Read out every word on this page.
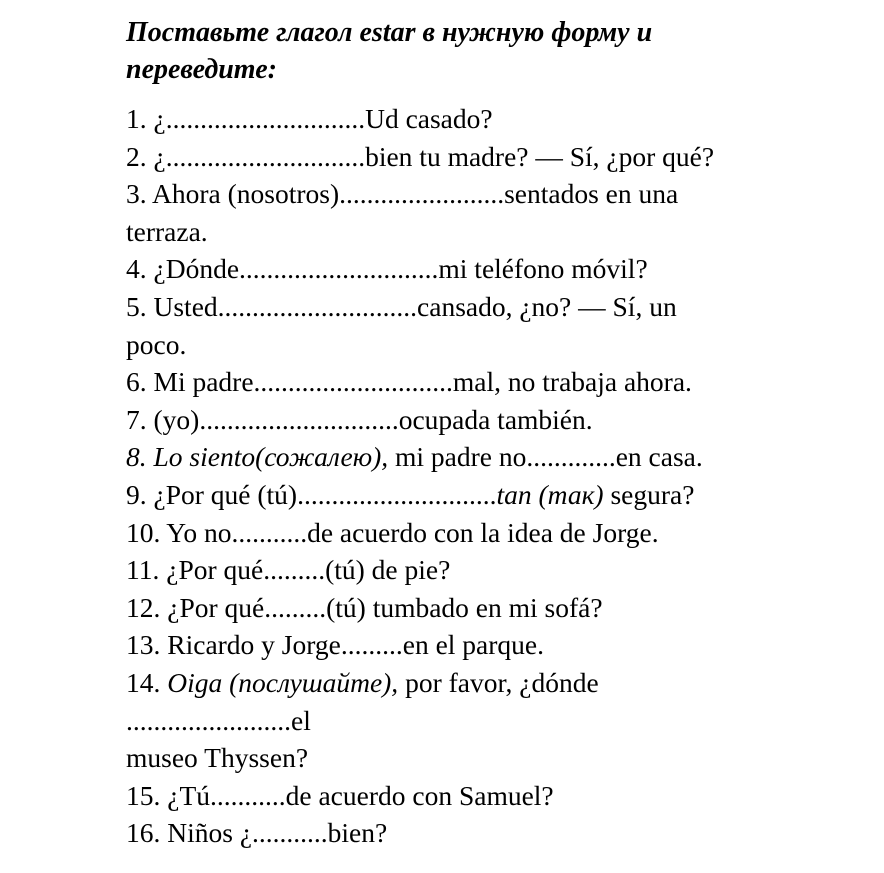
Поставьте глагол estar в нужную форму и
переведите:

1. ¿.............................Ud casado?

2. ¿.............................bien tu madre? — Sí, ¿por qué?

3. Ahora (nosotros)........................sentados en una

terraza.

4. ¿Dónde.............................mi teléfono móvil?

5. Usted.............................cansado, ¿no? — Sí, un

poco.

6. Mi padre.............................mal, no trabaja ahora.

7. (yo).............................ocupada también.

8. Lo siento(сожалею), mi padre no.............en casa.

9. ¿Por qué (tú).............................tan (так) segura?

10. Yo no...........de acuerdo con la idea de Jorge.

11. ¿Por qué.........(tú) de pie?

12. ¿Por qué.........(tú) tumbado en mi sofá?

13. Ricardo y Jorge.........en el parque.

14. Oiga (послушайте), por favor, ¿dónde

........................el

museo Thyssen?

15. ¿Tú...........de acuerdo con Samuel?

16. Niños ¿...........bien?
